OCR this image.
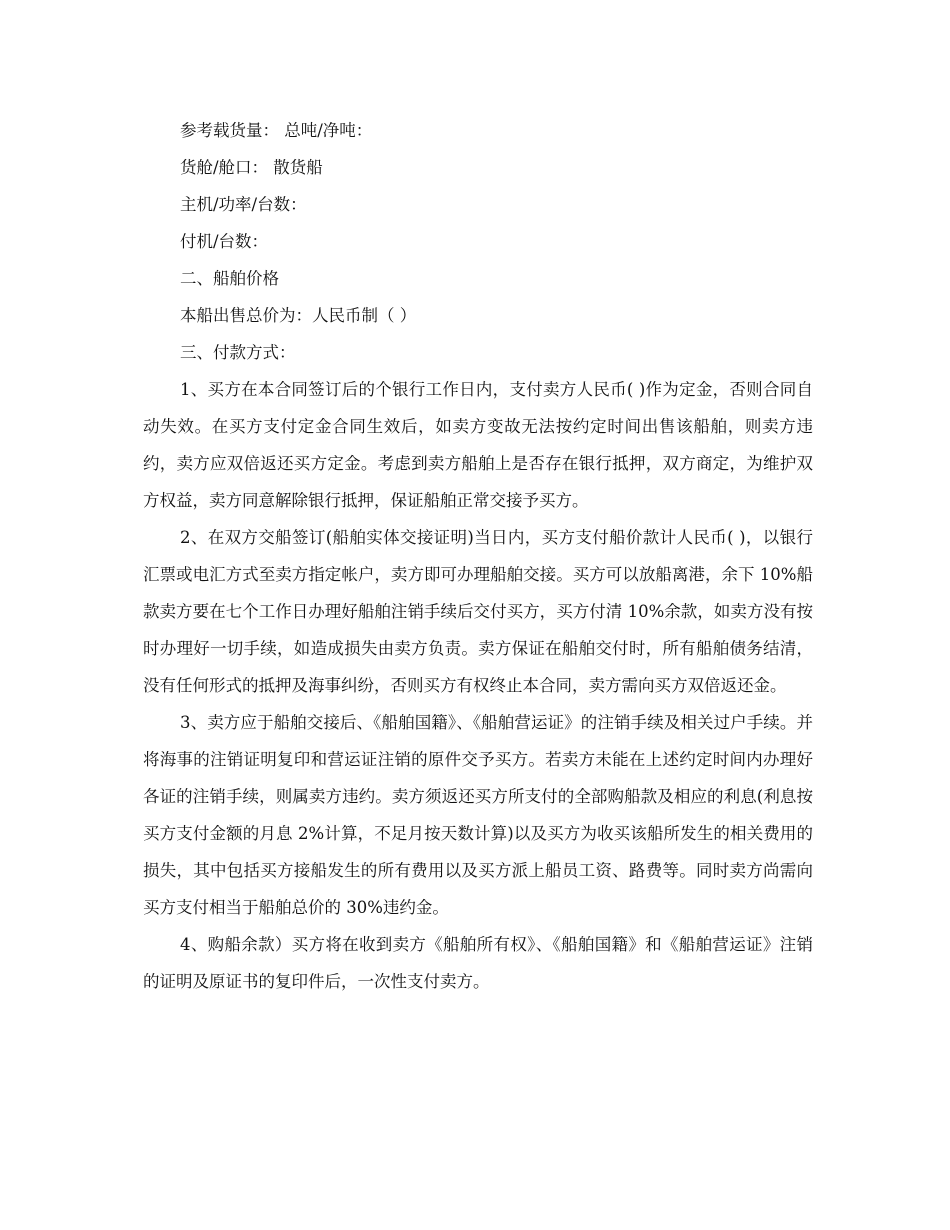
参考载货量： 总吨/净吨：
货舱/舱口： 散货船
主机/功率/台数：
付机/台数：
二、船舶价格
本船出售总价为：人民币制（ ）
三、付款方式：

1、买方在本合同签订后的个银行工作日内，支付卖方人民币( )作为定金，否则合同自动失效。在买方支付定金合同生效后，如卖方变故无法按约定时间出售该船舶，则卖方违约，卖方应双倍返还买方定金。考虑到卖方船舶上是否存在银行抵押，双方商定，为维护双方权益，卖方同意解除银行抵押，保证船舶正常交接予买方。

2、在双方交船签订(船舶实体交接证明)当日内，买方支付船价款计人民币( )，以银行汇票或电汇方式至卖方指定帐户，卖方即可办理船舶交接。买方可以放船离港，余下 10%船款卖方要在七个工作日办理好船舶注销手续后交付买方，买方付清 10%余款，如卖方没有按时办理好一切手续，如造成损失由卖方负责。卖方保证在船舶交付时，所有船舶债务结清，没有任何形式的抵押及海事纠纷，否则买方有权终止本合同，卖方需向买方双倍返还金。

3、卖方应于船舶交接后、《船舶国籍》、《船舶营运证》的注销手续及相关过户手续。并将海事的注销证明复印和营运证注销的原件交予买方。若卖方未能在上述约定时间内办理好各证的注销手续，则属卖方违约。卖方须返还买方所支付的全部购船款及相应的利息(利息按买方支付金额的月息 2%计算，不足月按天数计算)以及买方为收买该船所发生的相关费用的损失，其中包括买方接船发生的所有费用以及买方派上船员工资、路费等。同时卖方尚需向买方支付相当于船舶总价的 30%违约金。

4、购船余款）买方将在收到卖方《船舶所有权》、《船舶国籍》和《船舶营运证》注销的证明及原证书的复印件后，一次性支付卖方。
